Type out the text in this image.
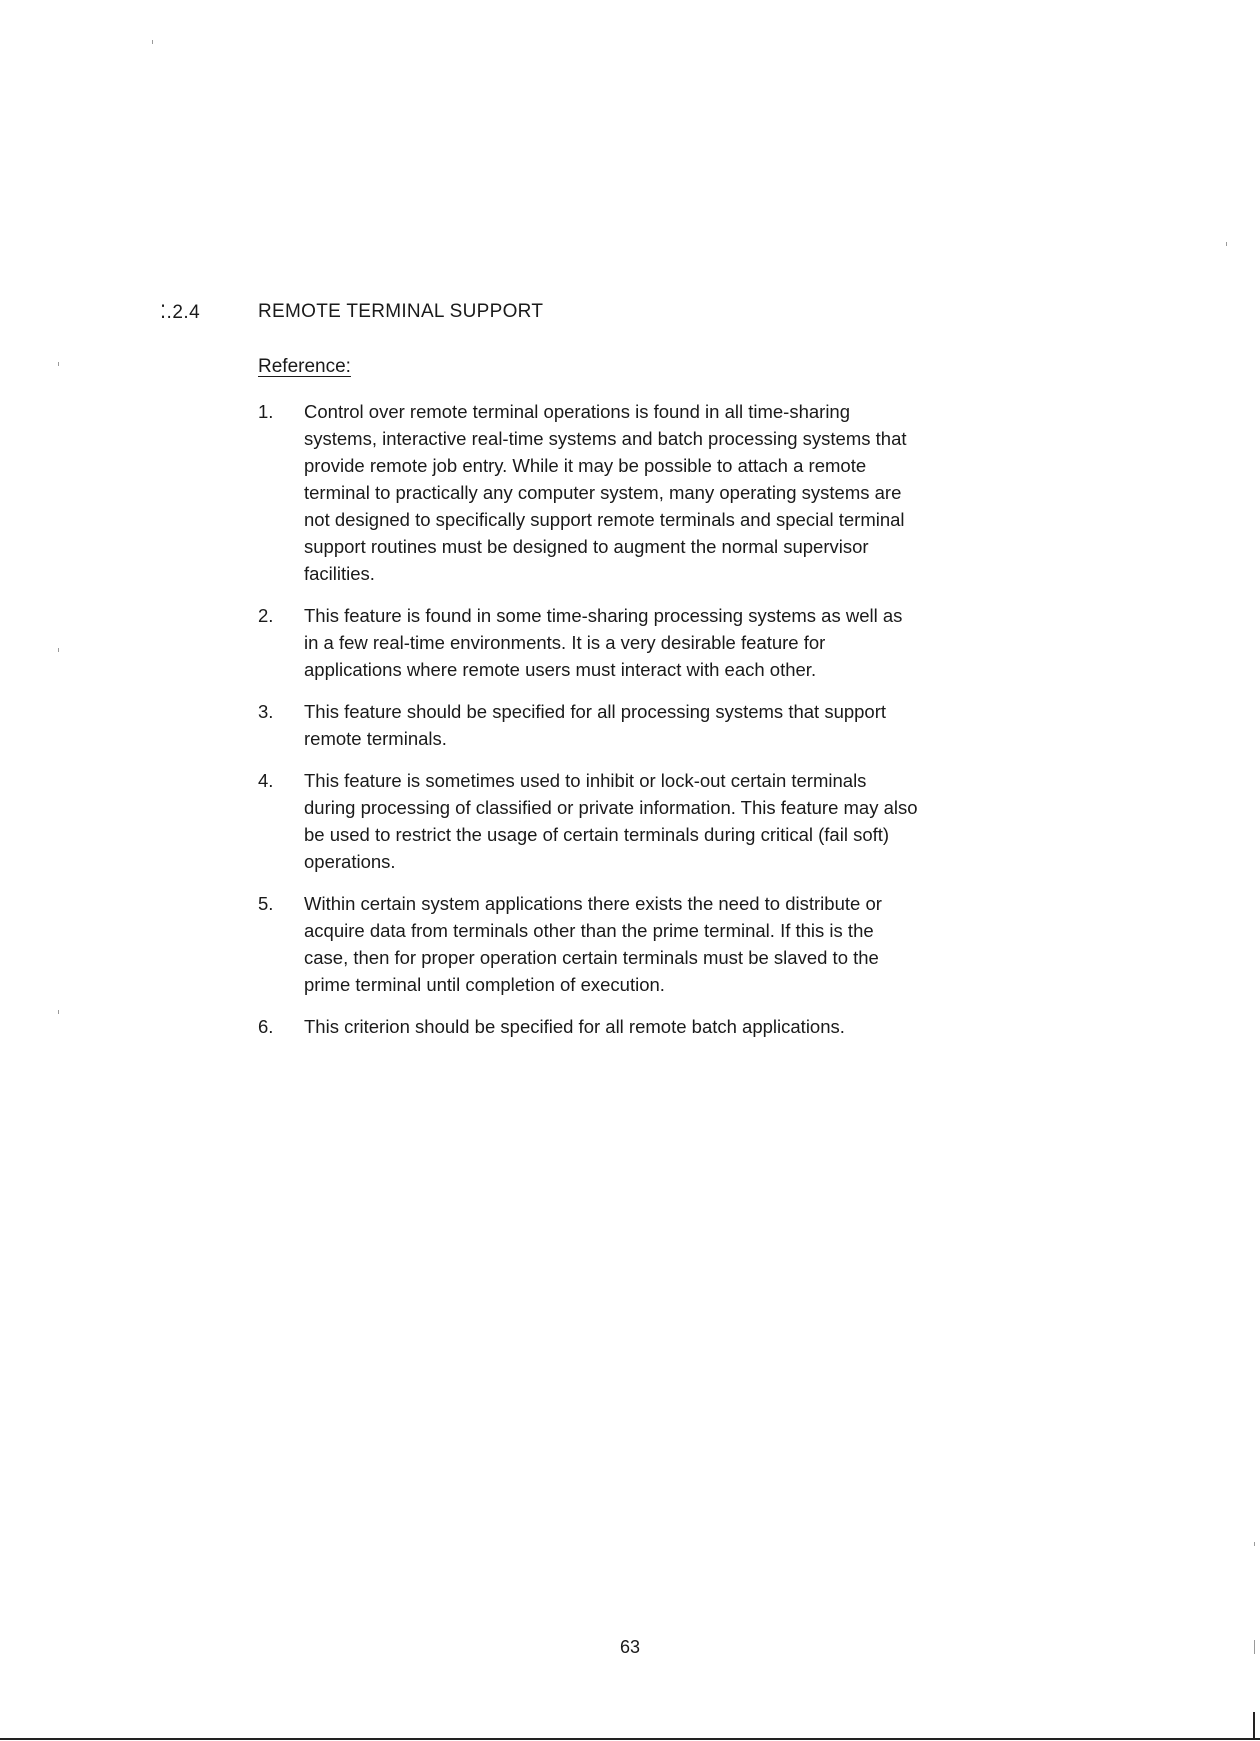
⁚.2.4	REMOTE TERMINAL SUPPORT
Reference:
1.	Control over remote terminal operations is found in all time-sharing
systems, interactive real-time systems and batch processing systems that
provide remote job entry. While it may be possible to attach a remote
terminal to practically any computer system, many operating systems are
not designed to specifically support remote terminals and special terminal
support routines must be designed to augment the normal supervisor
facilities.
2.	This feature is found in some time-sharing processing systems as well as
in a few real-time environments. It is a very desirable feature for
applications where remote users must interact with each other.
3.	This feature should be specified for all processing systems that support
remote terminals.
4.	This feature is sometimes used to inhibit or lock-out certain terminals
during processing of classified or private information. This feature may also
be used to restrict the usage of certain terminals during critical (fail soft)
operations.
5.	Within certain system applications there exists the need to distribute or
acquire data from terminals other than the prime terminal. If this is the
case, then for proper operation certain terminals must be slaved to the
prime terminal until completion of execution.
6.	This criterion should be specified for all remote batch applications.
63
